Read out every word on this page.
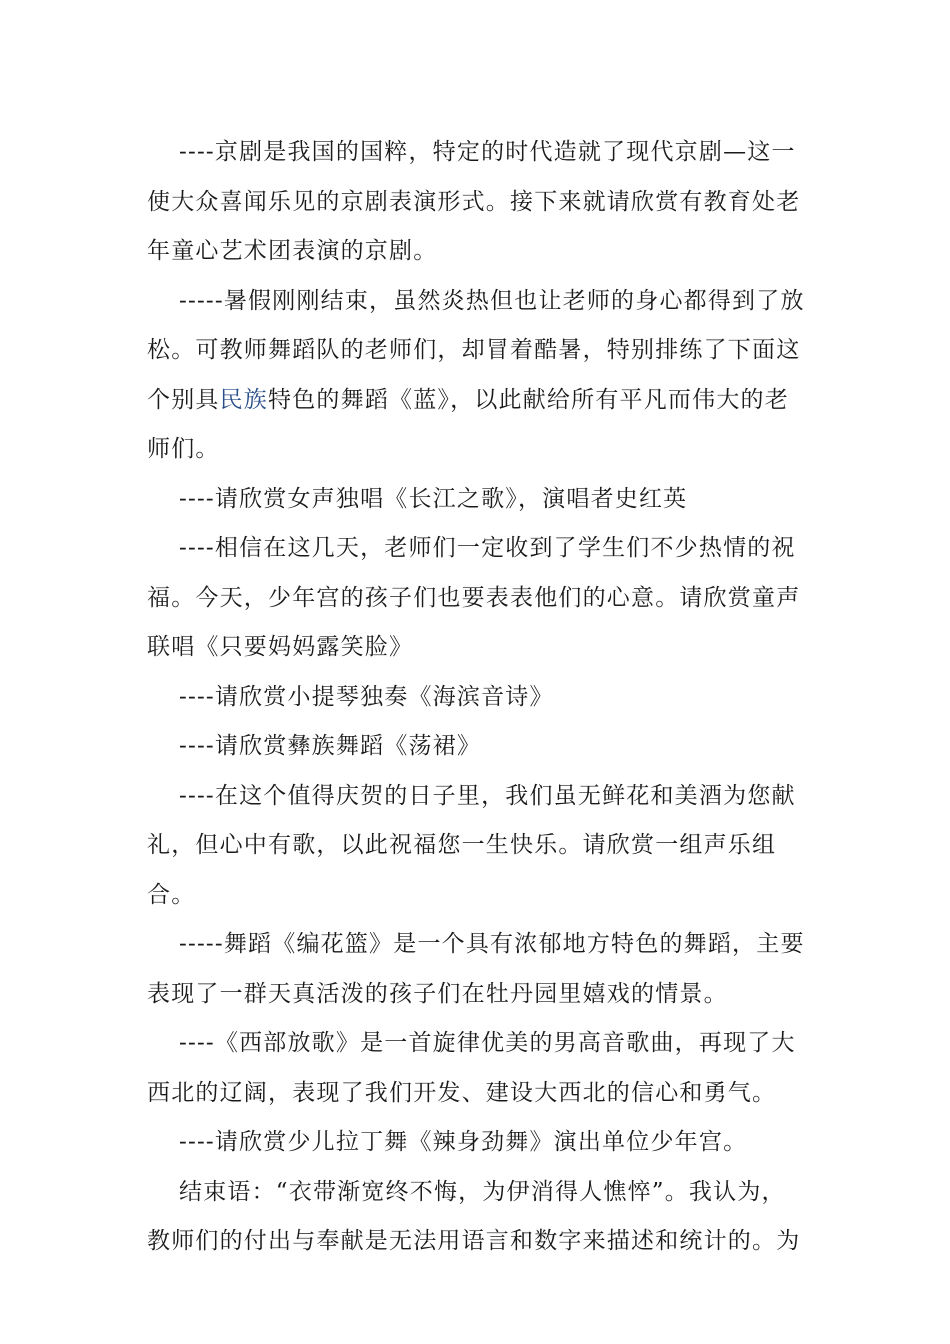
----京剧是我国的国粹，特定的时代造就了现代京剧—这一使大众喜闻乐见的京剧表演形式。接下来就请欣赏有教育处老年童心艺术团表演的京剧。

-----暑假刚刚结束，虽然炎热但也让老师的身心都得到了放松。可教师舞蹈队的老师们，却冒着酷暑，特别排练了下面这个别具民族特色的舞蹈《蓝》，以此献给所有平凡而伟大的老师们。

----请欣赏女声独唱《长江之歌》，演唱者史红英

----相信在这几天，老师们一定收到了学生们不少热情的祝福。今天，少年宫的孩子们也要表表他们的心意。请欣赏童声联唱《只要妈妈露笑脸》

----请欣赏小提琴独奏《海滨音诗》

----请欣赏彝族舞蹈《荡裙》

----在这个值得庆贺的日子里，我们虽无鲜花和美酒为您献礼，但心中有歌，以此祝福您一生快乐。请欣赏一组声乐组合。

-----舞蹈《编花篮》是一个具有浓郁地方特色的舞蹈，主要表现了一群天真活泼的孩子们在牡丹园里嬉戏的情景。

----《西部放歌》是一首旋律优美的男高音歌曲，再现了大西北的辽阔，表现了我们开发、建设大西北的信心和勇气。

----请欣赏少儿拉丁舞《辣身劲舞》演出单位少年宫。

结束语：“衣带渐宽终不悔，为伊消得人憔悴”。我认为，教师们的付出与奉献是无法用语言和数字来描述和统计的。为
